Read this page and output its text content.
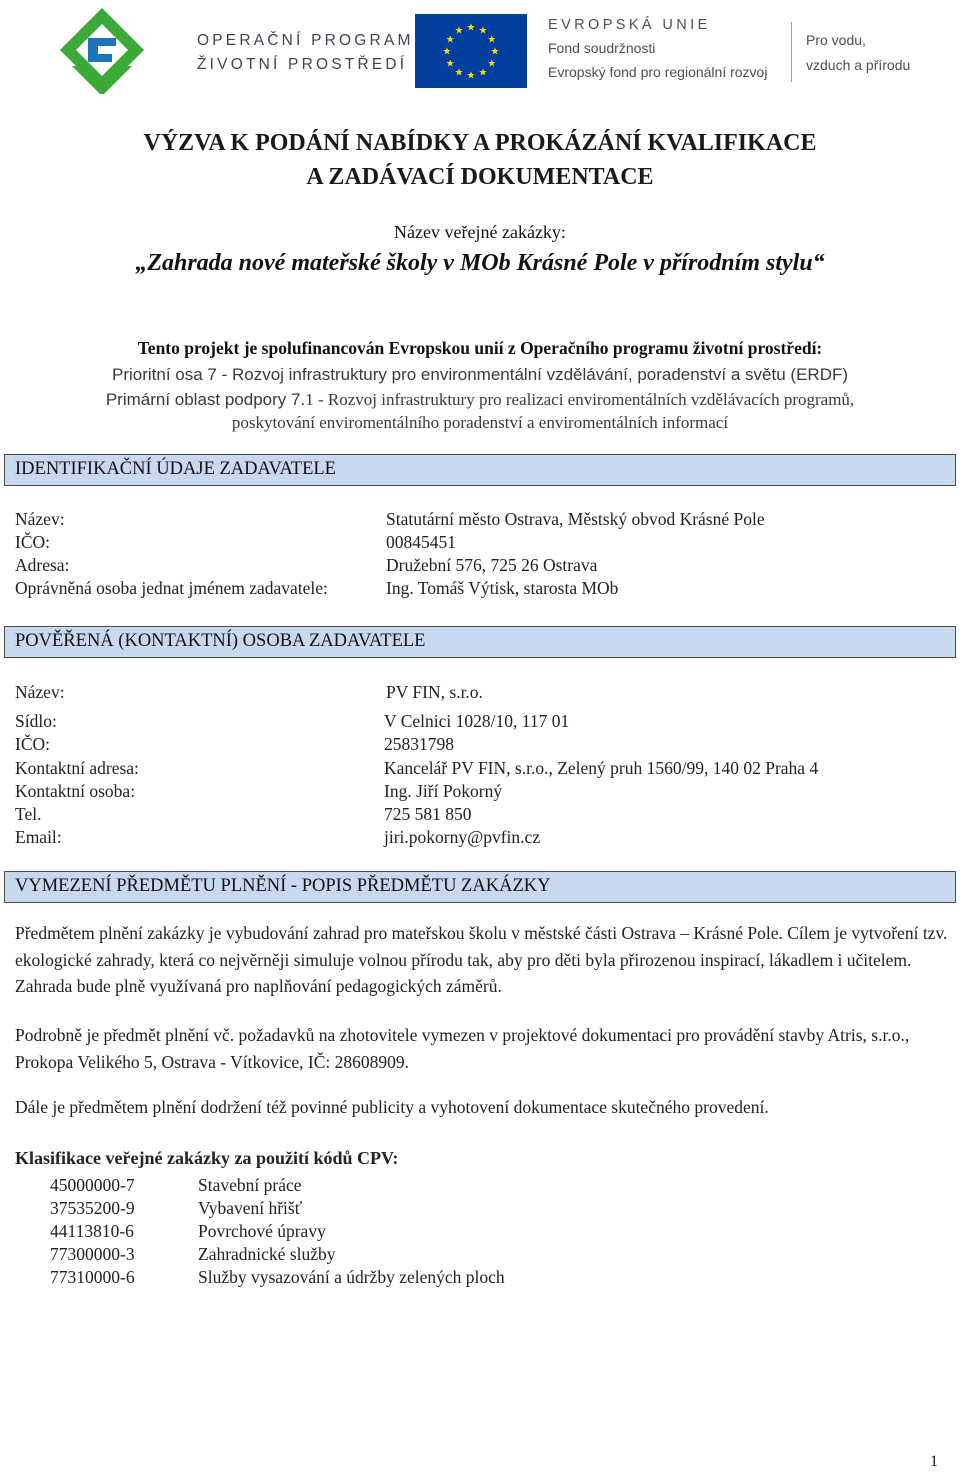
OPERAČNÍ PROGRAM
ŽIVOTNÍ PROSTŘEDÍ
★ ★
★
★
★
★
★
★
★
★
★
★	EVROPSKÁ UNIE
Fond soudržnosti
Evropský fond pro regionální rozvoj
Pro vodu,
vzduch a přírodu
VÝZVA K PODÁNÍ NABÍDKY A PROKÁZÁNÍ KVALIFIKACE
A ZADÁVACÍ DOKUMENTACE
Název veřejné zakázky:
„Zahrada nové mateřské školy v MOb Krásné Pole v přírodním stylu“
Tento projekt je spolufinancován Evropskou unií z Operačního programu životní prostředí:
Prioritní osa 7 - Rozvoj infrastruktury pro environmentální vzdělávání, poradenství a světu (ERDF)
Primární oblast podpory 7.1 - Rozvoj infrastruktury pro realizaci enviromentálních vzdělávacích programů,
poskytování enviromentálního poradenství a enviromentálních informací
IDENTIFIKAČNÍ ÚDAJE ZADAVATELE
Název:	Statutární město Ostrava, Městský obvod Krásné Pole
IČO:	00845451
Adresa:	Družební 576, 725 26 Ostrava
Oprávněná osoba jednat jménem zadavatele:	Ing. Tomáš Výtisk, starosta MOb
POVĚŘENÁ (KONTAKTNÍ) OSOBA ZADAVATELE
Název:	PV FIN, s.r.o.
Sídlo:	V Celnici 1028/10, 117 01
IČO:	25831798
Kontaktní adresa:	Kancelář PV FIN, s.r.o., Zelený pruh 1560/99, 140 02 Praha 4
Kontaktní osoba:	Ing. Jiří Pokorný
Tel.	725 581 850
Email:	jiri.pokorny@pvfin.cz
VYMEZENÍ PŘEDMĚTU PLNĚNÍ - POPIS PŘEDMĚTU ZAKÁZKY
Předmětem plnění zakázky je vybudování zahrad pro mateřskou školu v městské části Ostrava – Krásné Pole. Cílem je vytvoření tzv. ekologické zahrady, která co nejvěrněji simuluje volnou přírodu tak, aby pro děti byla přirozenou inspirací, lákadlem i učitelem. Zahrada bude plně využívaná pro naplňování pedagogických záměrů.
Podrobně je předmět plnění vč. požadavků na zhotovitele vymezen v projektové dokumentaci pro provádění stavby Atris, s.r.o., Prokopa Velikého 5, Ostrava - Vítkovice, IČ: 28608909.
Dále je předmětem plnění dodržení též povinné publicity a vyhotovení dokumentace skutečného provedení.
Klasifikace veřejné zakázky za použití kódů CPV:
45000000-7	Stavební práce
37535200-9	Vybavení hřišť
44113810-6	Povrchové úpravy
77300000-3	Zahradnické služby
77310000-6	Služby vysazování a údržby zelených ploch
1
